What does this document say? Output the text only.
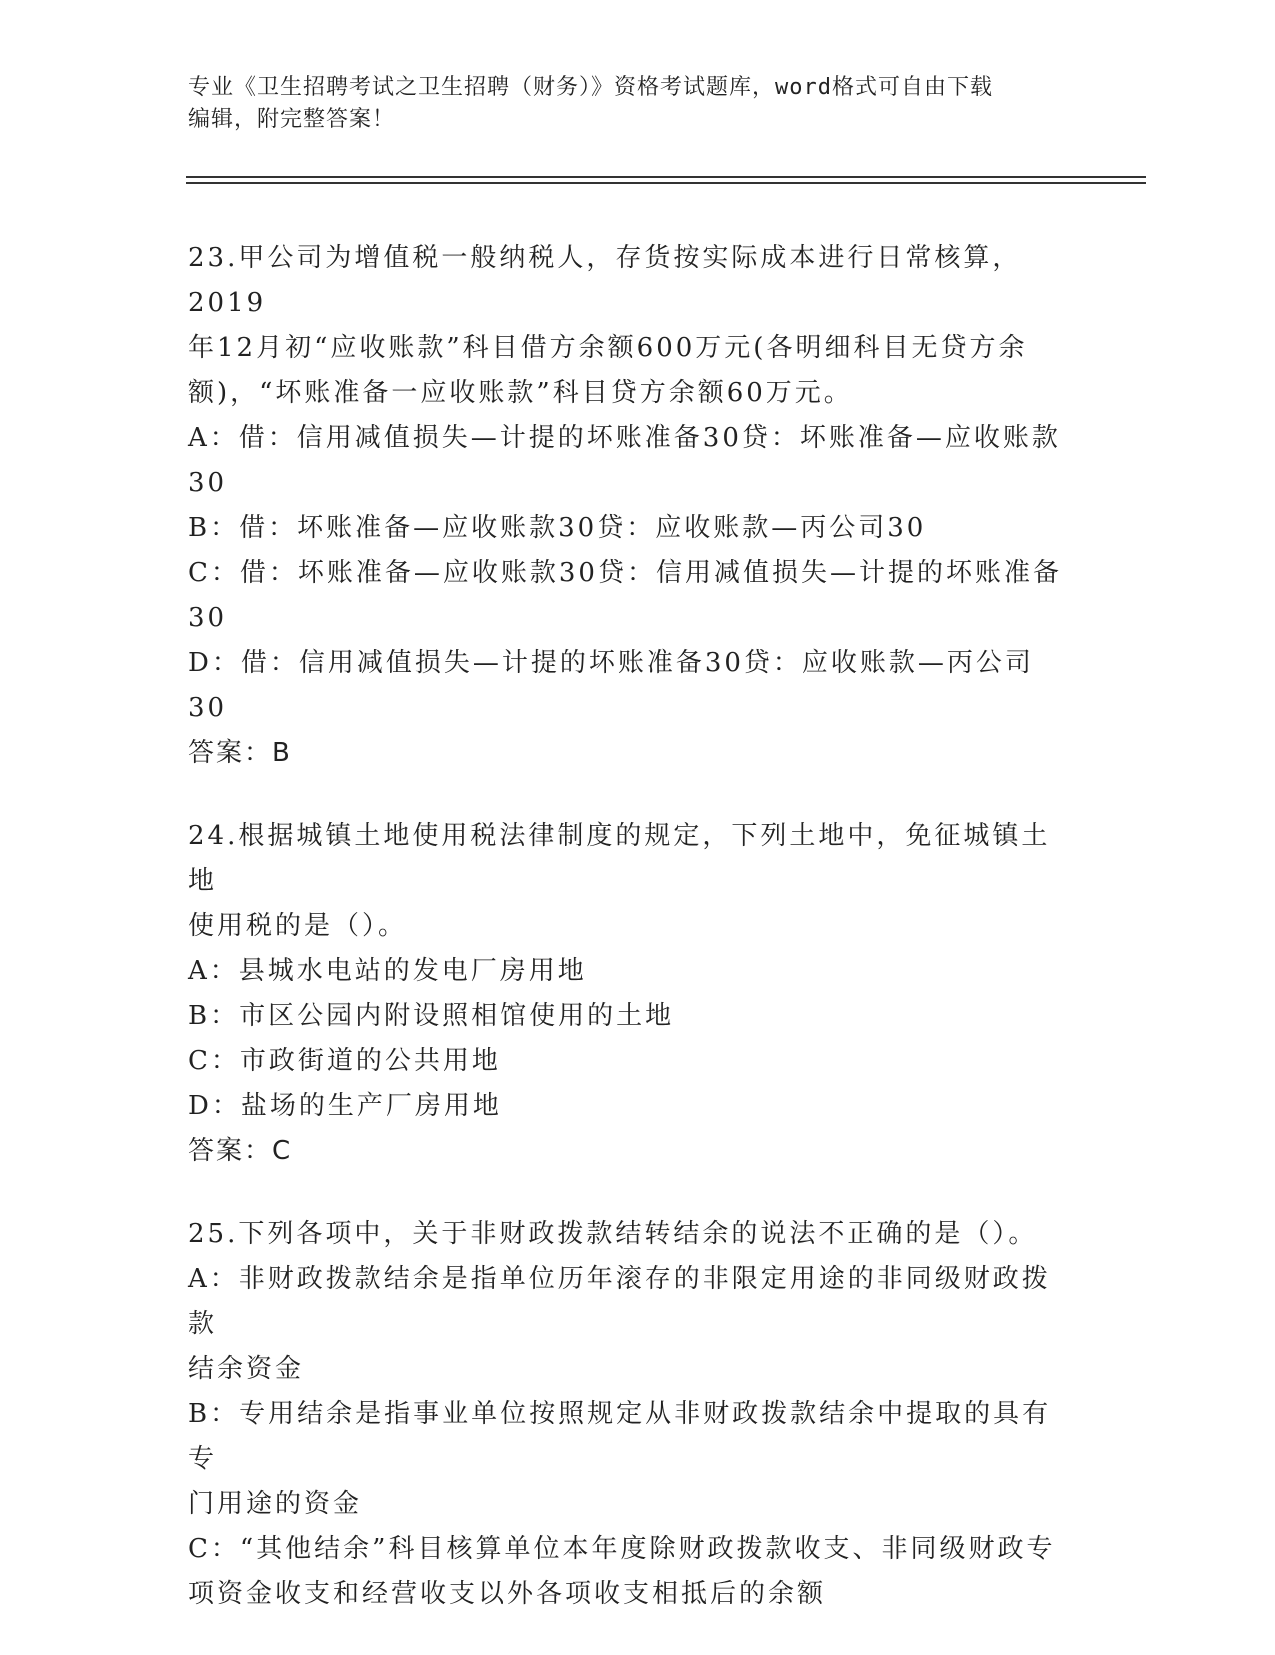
专业《卫生招聘考试之卫生招聘（财务）》资格考试题库，word格式可自由下载
编辑，附完整答案！
23.甲公司为增值税一般纳税人，存货按实际成本进行日常核算，2019
年12月初“应收账款”科目借方余额600万元(各明细科目无贷方余
额)，“坏账准备一应收账款”科目贷方余额60万元。
A：借：信用减值损失—计提的坏账准备30贷：坏账准备—应收账款
30
B：借：坏账准备—应收账款30贷：应收账款—丙公司30
C：借：坏账准备—应收账款30贷：信用减值损失—计提的坏账准备
30
D：借：信用减值损失—计提的坏账准备30贷：应收账款—丙公司30
答案：B
24.根据城镇土地使用税法律制度的规定，下列土地中，免征城镇土地
使用税的是（）。
A：县城水电站的发电厂房用地
B：市区公园内附设照相馆使用的土地
C：市政街道的公共用地
D：盐场的生产厂房用地
答案：C
25.下列各项中，关于非财政拨款结转结余的说法不正确的是（）。
A：非财政拨款结余是指单位历年滚存的非限定用途的非同级财政拨款
结余资金
B：专用结余是指事业单位按照规定从非财政拨款结余中提取的具有专
门用途的资金
C：“其他结余”科目核算单位本年度除财政拨款收支、非同级财政专
项资金收支和经营收支以外各项收支相抵后的余额
